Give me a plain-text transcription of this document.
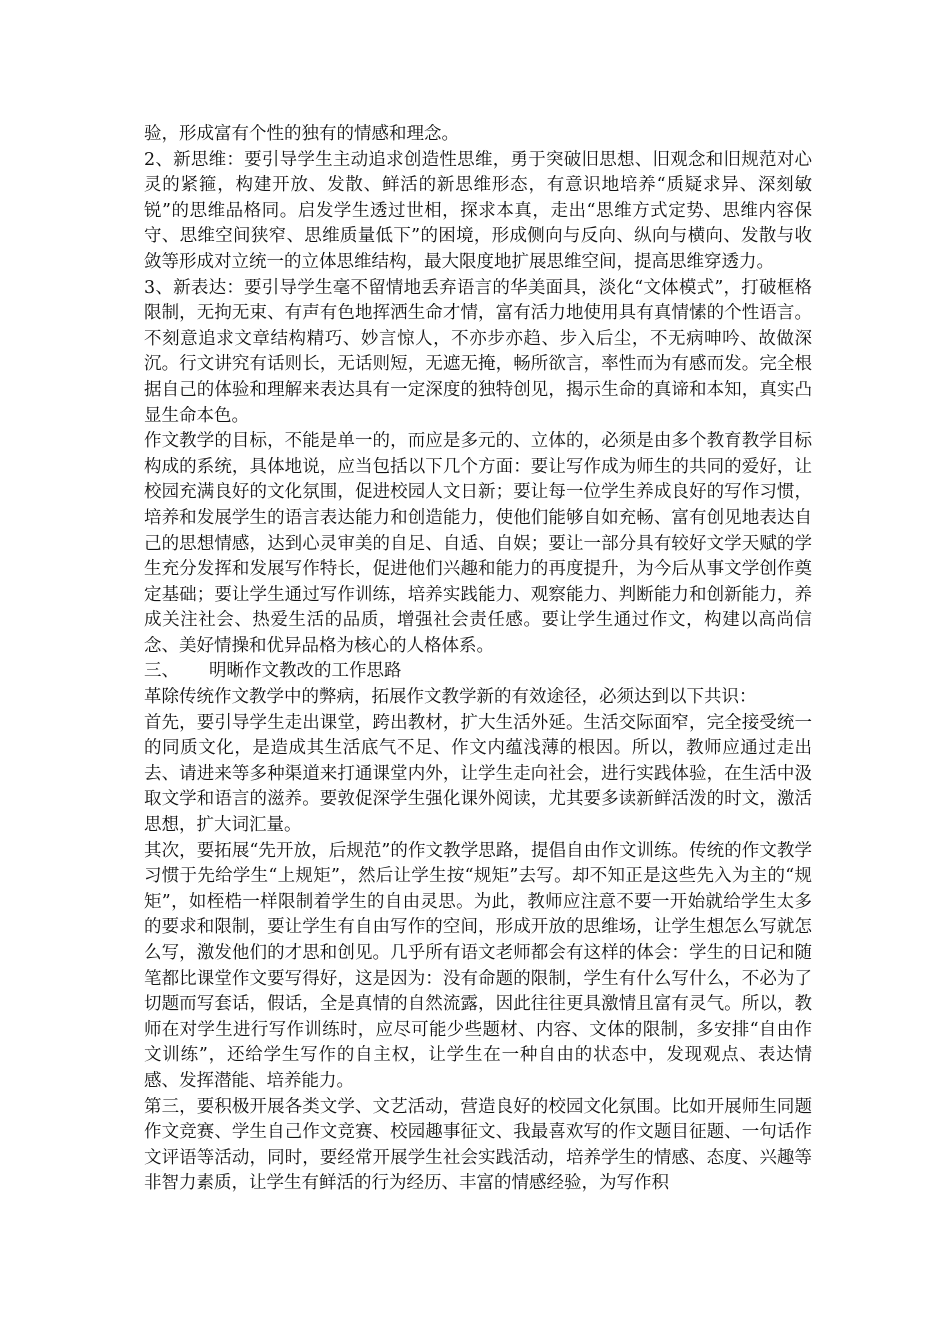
验，形成富有个性的独有的情感和理念。

2、新思维：要引导学生主动追求创造性思维，勇于突破旧思想、旧观念和旧规范对心灵的紧箍，构建开放、发散、鲜活的新思维形态，有意识地培养“质疑求异、深刻敏锐”的思维品格同。启发学生透过世相，探求本真，走出“思维方式定势、思维内容保守、思维空间狭窄、思维质量低下”的困境，形成侧向与反向、纵向与横向、发散与收敛等形成对立统一的立体思维结构，最大限度地扩展思维空间，提高思维穿透力。

3、新表达：要引导学生毫不留情地丢弃语言的华美面具，淡化“文体模式”，打破框格限制，无拘无束、有声有色地挥洒生命才情，富有活力地使用具有真情愫的个性语言。不刻意追求文章结构精巧、妙言惊人，不亦步亦趋、步入后尘，不无病呻吟、故做深沉。行文讲究有话则长，无话则短，无遮无掩，畅所欲言，率性而为有感而发。完全根据自己的体验和理解来表达具有一定深度的独特创见，揭示生命的真谛和本知，真实凸显生命本色。

作文教学的目标，不能是单一的，而应是多元的、立体的，必须是由多个教育教学目标构成的系统，具体地说，应当包括以下几个方面：要让写作成为师生的共同的爱好，让校园充满良好的文化氛围，促进校园人文日新；要让每一位学生养成良好的写作习惯，培养和发展学生的语言表达能力和创造能力，使他们能够自如充畅、富有创见地表达自己的思想情感，达到心灵审美的自足、自适、自娱；要让一部分具有较好文学天赋的学生充分发挥和发展写作特长，促进他们兴趣和能力的再度提升，为今后从事文学创作奠定基础；要让学生通过写作训练，培养实践能力、观察能力、判断能力和创新能力，养成关注社会、热爱生活的品质，增强社会责任感。要让学生通过作文，构建以高尚信念、美好情操和优异品格为核心的人格体系。

三、 明晰作文教改的工作思路

革除传统作文教学中的弊病，拓展作文教学新的有效途径，必须达到以下共识：

首先，要引导学生走出课堂，跨出教材，扩大生活外延。生活交际面窄，完全接受统一的同质文化，是造成其生活底气不足、作文内蕴浅薄的根因。所以，教师应通过走出去、请进来等多种渠道来打通课堂内外，让学生走向社会，进行实践体验，在生活中汲取文学和语言的滋养。要敦促深学生强化课外阅读，尤其要多读新鲜活泼的时文，激活思想，扩大词汇量。

其次，要拓展“先开放，后规范”的作文教学思路，提倡自由作文训练。传统的作文教学习惯于先给学生“上规矩”，然后让学生按“规矩”去写。却不知正是这些先入为主的“规矩”，如桎梏一样限制着学生的自由灵思。为此，教师应注意不要一开始就给学生太多的要求和限制，要让学生有自由写作的空间，形成开放的思维场，让学生想怎么写就怎么写，激发他们的才思和创见。几乎所有语文老师都会有这样的体会：学生的日记和随笔都比课堂作文要写得好，这是因为：没有命题的限制，学生有什么写什么，不必为了切题而写套话，假话，全是真情的自然流露，因此往往更具激情且富有灵气。所以，教师在对学生进行写作训练时，应尽可能少些题材、内容、文体的限制，多安排“自由作文训练”，还给学生写作的自主权，让学生在一种自由的状态中，发现观点、表达情感、发挥潜能、培养能力。

第三，要积极开展各类文学、文艺活动，营造良好的校园文化氛围。比如开展师生同题作文竞赛、学生自己作文竞赛、校园趣事征文、我最喜欢写的作文题目征题、一句话作文评语等活动，同时，要经常开展学生社会实践活动，培养学生的情感、态度、兴趣等非智力素质，让学生有鲜活的行为经历、丰富的情感经验，为写作积
